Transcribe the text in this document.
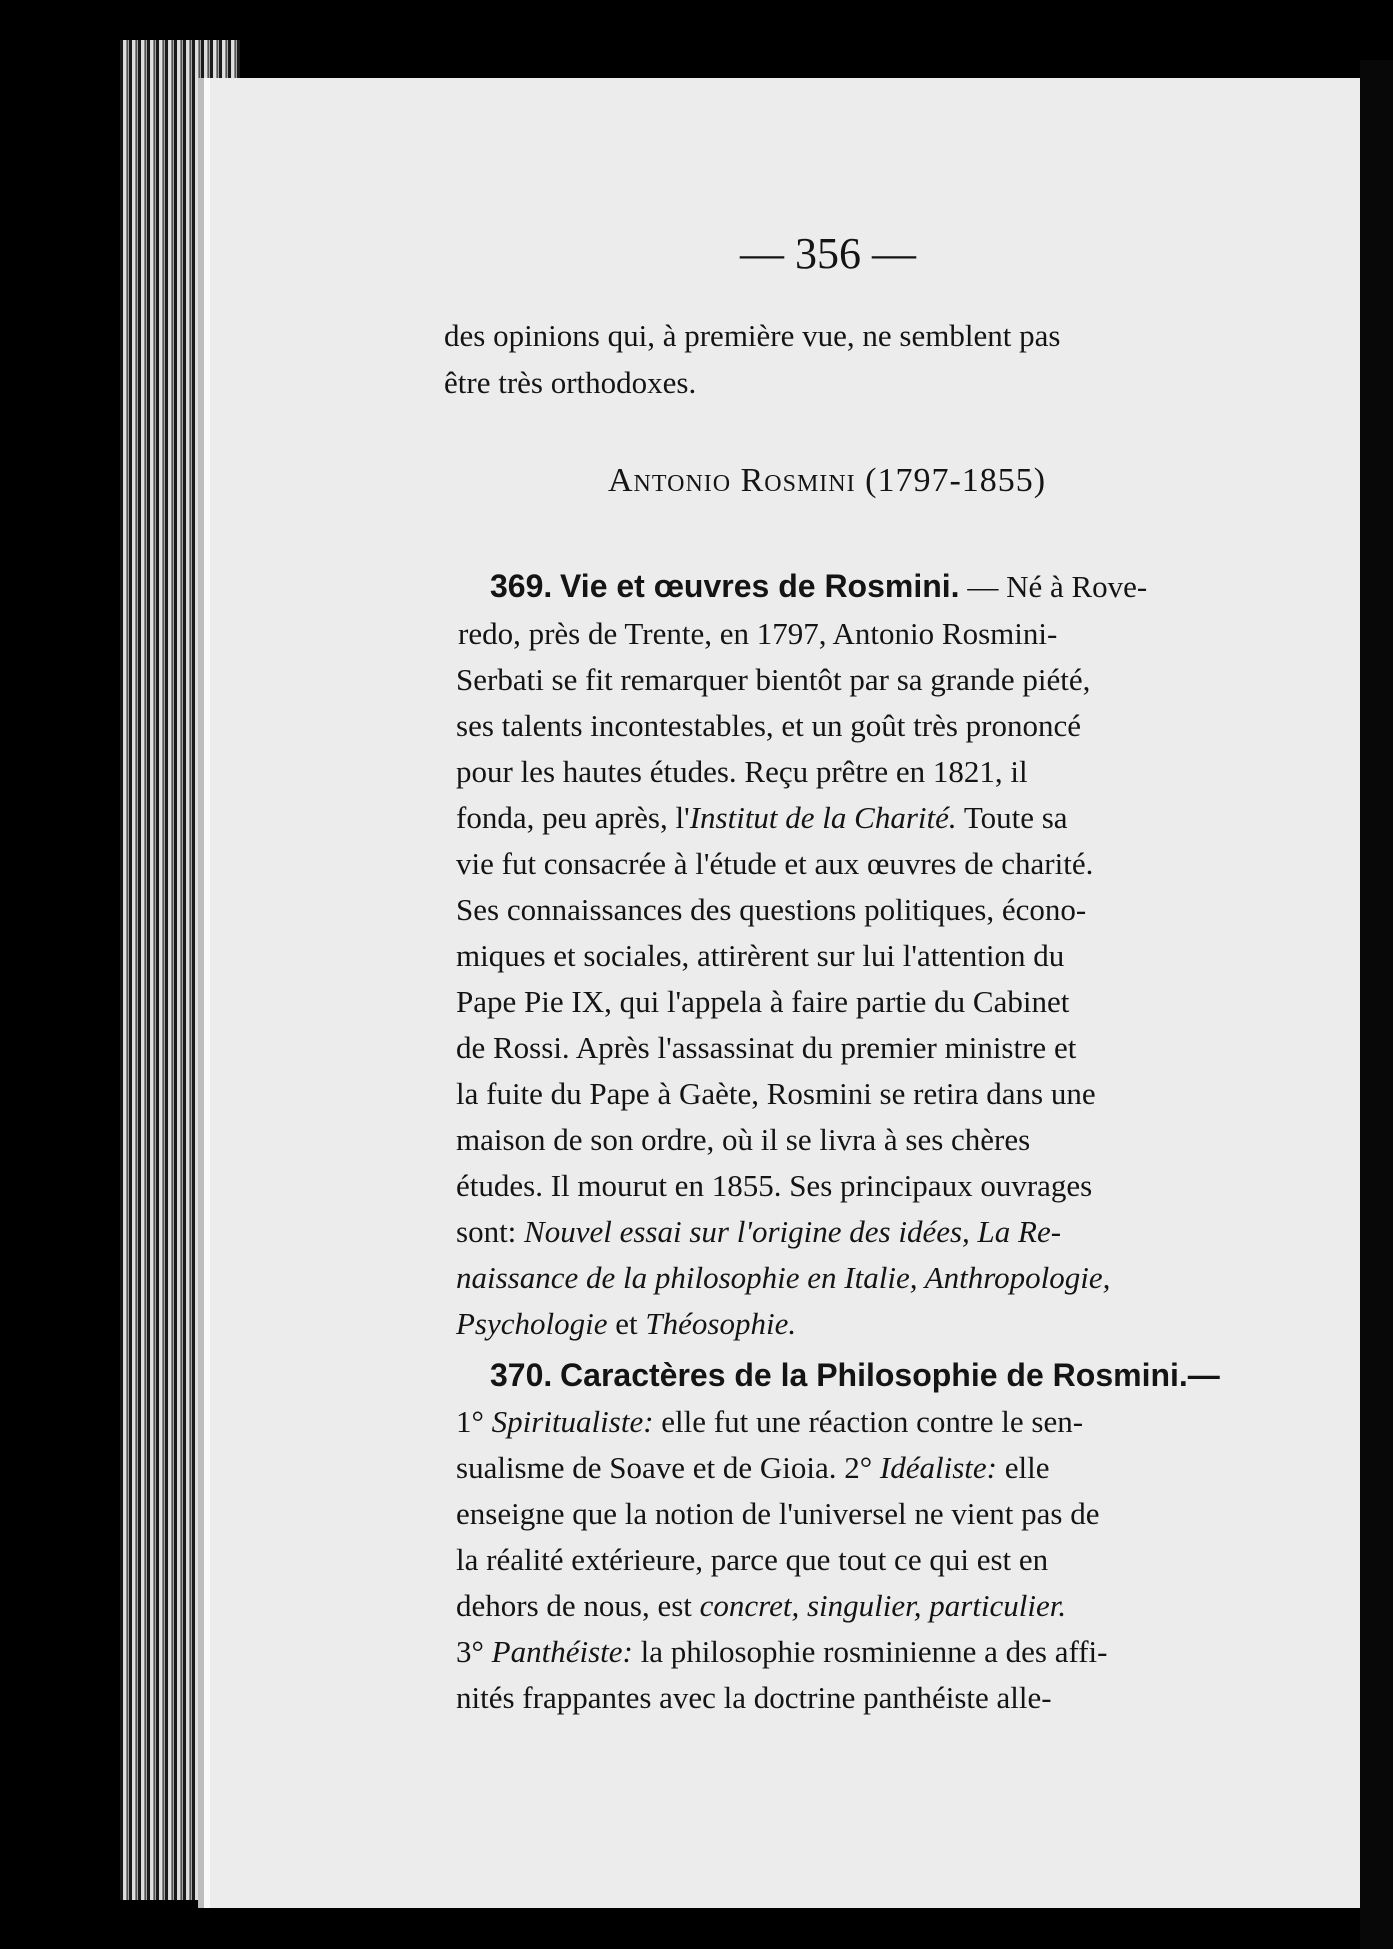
— 356 —
des opinions qui, à première vue, ne semblent pas
être très orthodoxes.
Antonio Rosmini (1797-1855)
369. Vie et œuvres de Rosmini. — Né à Rove-
redo, près de Trente, en 1797, Antonio Rosmini-
Serbati se fit remarquer bientôt par sa grande piété,
ses talents incontestables, et un goût très prononcé
pour les hautes études. Reçu prêtre en 1821, il
fonda, peu après, l'Institut de la Charité. Toute sa
vie fut consacrée à l'étude et aux œuvres de charité.
Ses connaissances des questions politiques, écono-
miques et sociales, attirèrent sur lui l'attention du
Pape Pie IX, qui l'appela à faire partie du Cabinet
de Rossi. Après l'assassinat du premier ministre et
la fuite du Pape à Gaète, Rosmini se retira dans une
maison de son ordre, où il se livra à ses chères
études. Il mourut en 1855. Ses principaux ouvrages
sont: Nouvel essai sur l'origine des idées, La Re-
naissance de la philosophie en Italie, Anthropologie,
Psychologie et Théosophie.
370. Caractères de la Philosophie de Rosmini.—
1° Spiritualiste: elle fut une réaction contre le sen-
sualisme de Soave et de Gioia. 2° Idéaliste: elle
enseigne que la notion de l'universel ne vient pas de
la réalité extérieure, parce que tout ce qui est en
dehors de nous, est concret, singulier, particulier.
3° Panthéiste: la philosophie rosminienne a des affi-
nités frappantes avec la doctrine panthéiste alle-
